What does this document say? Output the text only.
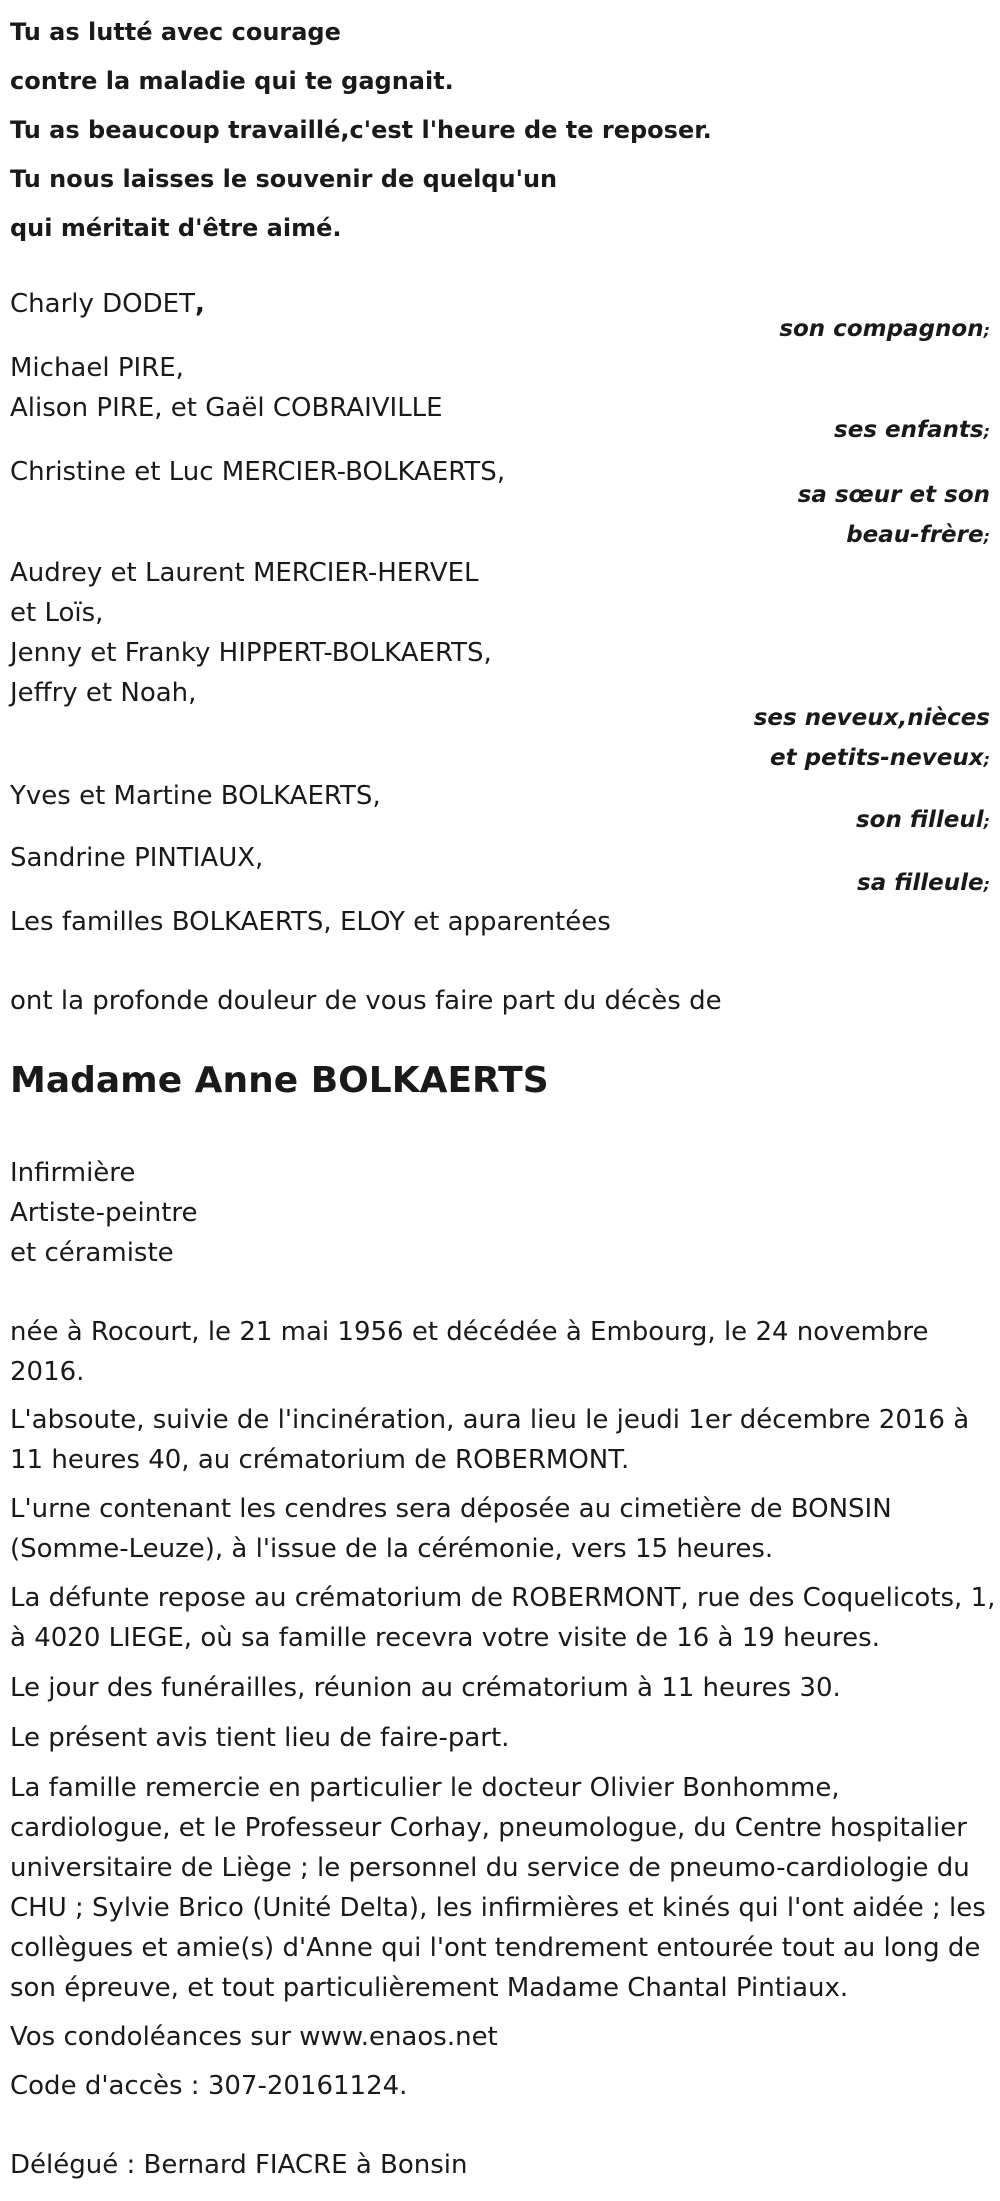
Tu as lutté avec courage
contre la maladie qui te gagnait.
Tu as beaucoup travaillé,c'est l'heure de te reposer.
Tu nous laisses le souvenir de quelqu'un
qui méritait d'être aimé.
Charly DODET,
son compagnon;
Michael PIRE,
Alison PIRE, et Gaël COBRAIVILLE
ses enfants;
Christine et Luc MERCIER-BOLKAERTS,
sa sœur et son
beau-frère;
Audrey et Laurent MERCIER-HERVEL
et Loïs,
Jenny et Franky HIPPERT-BOLKAERTS,
Jeffry et Noah,
ses neveux,nièces
et petits-neveux;
Yves et Martine BOLKAERTS,
son filleul;
Sandrine PINTIAUX,
sa filleule;
Les familles BOLKAERTS, ELOY et apparentées
ont la profonde douleur de vous faire part du décès de
Madame Anne BOLKAERTS
Infirmière
Artiste-peintre
et céramiste
née à Rocourt, le 21 mai 1956 et décédée à Embourg, le 24 novembre 2016.
L'absoute, suivie de l'incinération, aura lieu le jeudi 1er décembre 2016 à 11 heures 40, au crématorium de ROBERMONT.
L'urne contenant les cendres sera déposée au cimetière de BONSIN (Somme-Leuze), à l'issue de la cérémonie, vers 15 heures.
La défunte repose au crématorium de ROBERMONT, rue des Coquelicots, 1, à 4020 LIEGE, où sa famille recevra votre visite de 16 à 19 heures.
Le jour des funérailles, réunion au crématorium à 11 heures 30.
Le présent avis tient lieu de faire-part.
La famille remercie en particulier le docteur Olivier Bonhomme, cardiologue, et le Professeur Corhay, pneumologue, du Centre hospitalier universitaire de Liège ; le personnel du service de pneumo-cardiologie du CHU ; Sylvie Brico (Unité Delta), les infirmières et kinés qui l'ont aidée ; les collègues et amie(s) d'Anne qui l'ont tendrement entourée tout au long de son épreuve, et tout particulièrement Madame Chantal Pintiaux.
Vos condoléances sur www.enaos.net
Code d'accès : 307-20161124.
Délégué : Bernard FIACRE à Bonsin
